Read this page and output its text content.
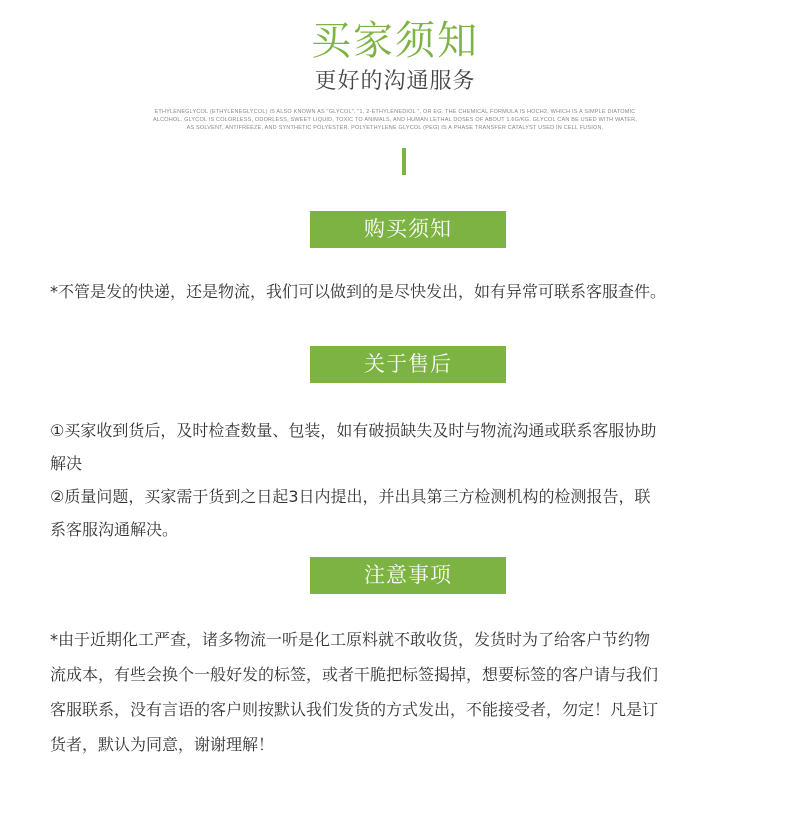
买家须知
更好的沟通服务
ETHYLENEGLYCOL (ETHYLENEGLYCOL) IS ALSO KNOWN AS "GLYCOL", "1, 2-ETHYLENEDIOL ", OR EG. THE CHEMICAL FORMULA IS HOCH2, WHICH IS A SIMPLE DIATOMIC ALCOHOL. GLYCOL IS COLORLESS, ODORLESS, SWEET LIQUID, TOXIC TO ANIMALS, AND HUMAN LETHAL DOSES OF ABOUT 1.6G/KG. GLYCOL CAN BE USED WITH WATER, AS SOLVENT, ANTIFREEZE, AND SYNTHETIC POLYESTER. POLYETHYLENE GLYCOL (PEG) IS A PHASE TRANSFER CATALYST USED IN CELL FUSION.
购买须知
*不管是发的快递，还是物流，我们可以做到的是尽快发出，如有异常可联系客服查件。
关于售后
①买家收到货后，及时检查数量、包装，如有破损缺失及时与物流沟通或联系客服协助
解决
②质量问题，买家需于货到之日起3日内提出，并出具第三方检测机构的检测报告，联
系客服沟通解决。
注意事项
*由于近期化工严查，诸多物流一听是化工原料就不敢收货，发货时为了给客户节约物
流成本，有些会换个一般好发的标签，或者干脆把标签揭掉，想要标签的客户请与我们
客服联系，没有言语的客户则按默认我们发货的方式发出，不能接受者，勿定！凡是订
货者，默认为同意，谢谢理解！
